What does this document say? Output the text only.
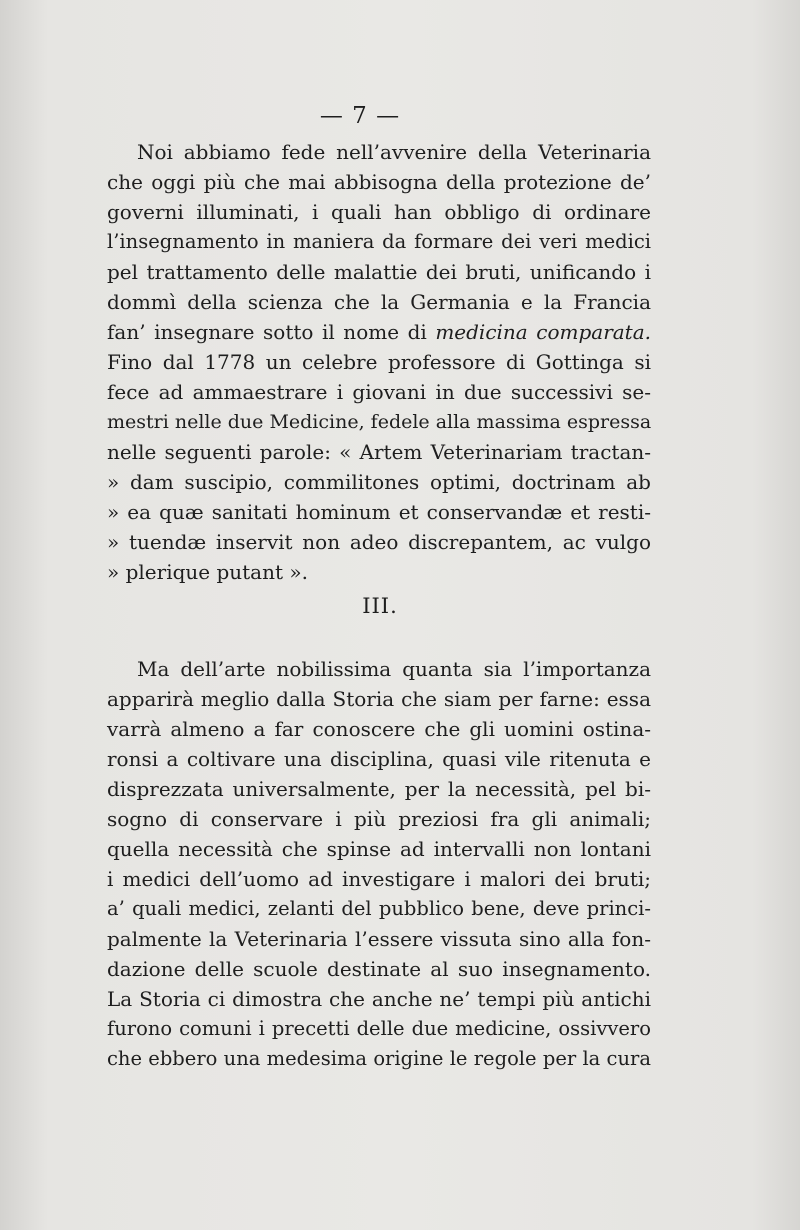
— 7 —
Noi abbiamo fede nell’avvenire della Veterinaria
che oggi più che mai abbisogna della protezione de’
governi illuminati, i quali han obbligo di ordinare
l’insegnamento in maniera da formare dei veri medici
pel trattamento delle malattie dei bruti, unificando i
dommì della scienza che la Germania e la Francia
fan’ insegnare sotto il nome di medicina comparata.
Fino dal 1778 un celebre professore di Gottinga si
fece ad ammaestrare i giovani in due successivi se-
mestri nelle due Medicine, fedele alla massima espressa
nelle seguenti parole: « Artem Veterinariam tractan-
» dam suscipio, commilitones optimi, doctrinam ab
» ea quæ sanitati hominum et conservandæ et resti-
» tuendæ inservit non adeo discrepantem, ac vulgo
» plerique putant ».
III.
Ma dell’arte nobilissima quanta sia l’importanza
apparirà meglio dalla Storia che siam per farne: essa
varrà almeno a far conoscere che gli uomini ostina-
ronsi a coltivare una disciplina, quasi vile ritenuta e
disprezzata universalmente, per la necessità, pel bi-
sogno di conservare i più preziosi fra gli animali;
quella necessità che spinse ad intervalli non lontani
i medici dell’uomo ad investigare i malori dei bruti;
a’ quali medici, zelanti del pubblico bene, deve princi-
palmente la Veterinaria l’essere vissuta sino alla fon-
dazione delle scuole destinate al suo insegnamento.
La Storia ci dimostra che anche ne’ tempi più antichi
furono comuni i precetti delle due medicine, ossivvero
che ebbero una medesima origine le regole per la cura
